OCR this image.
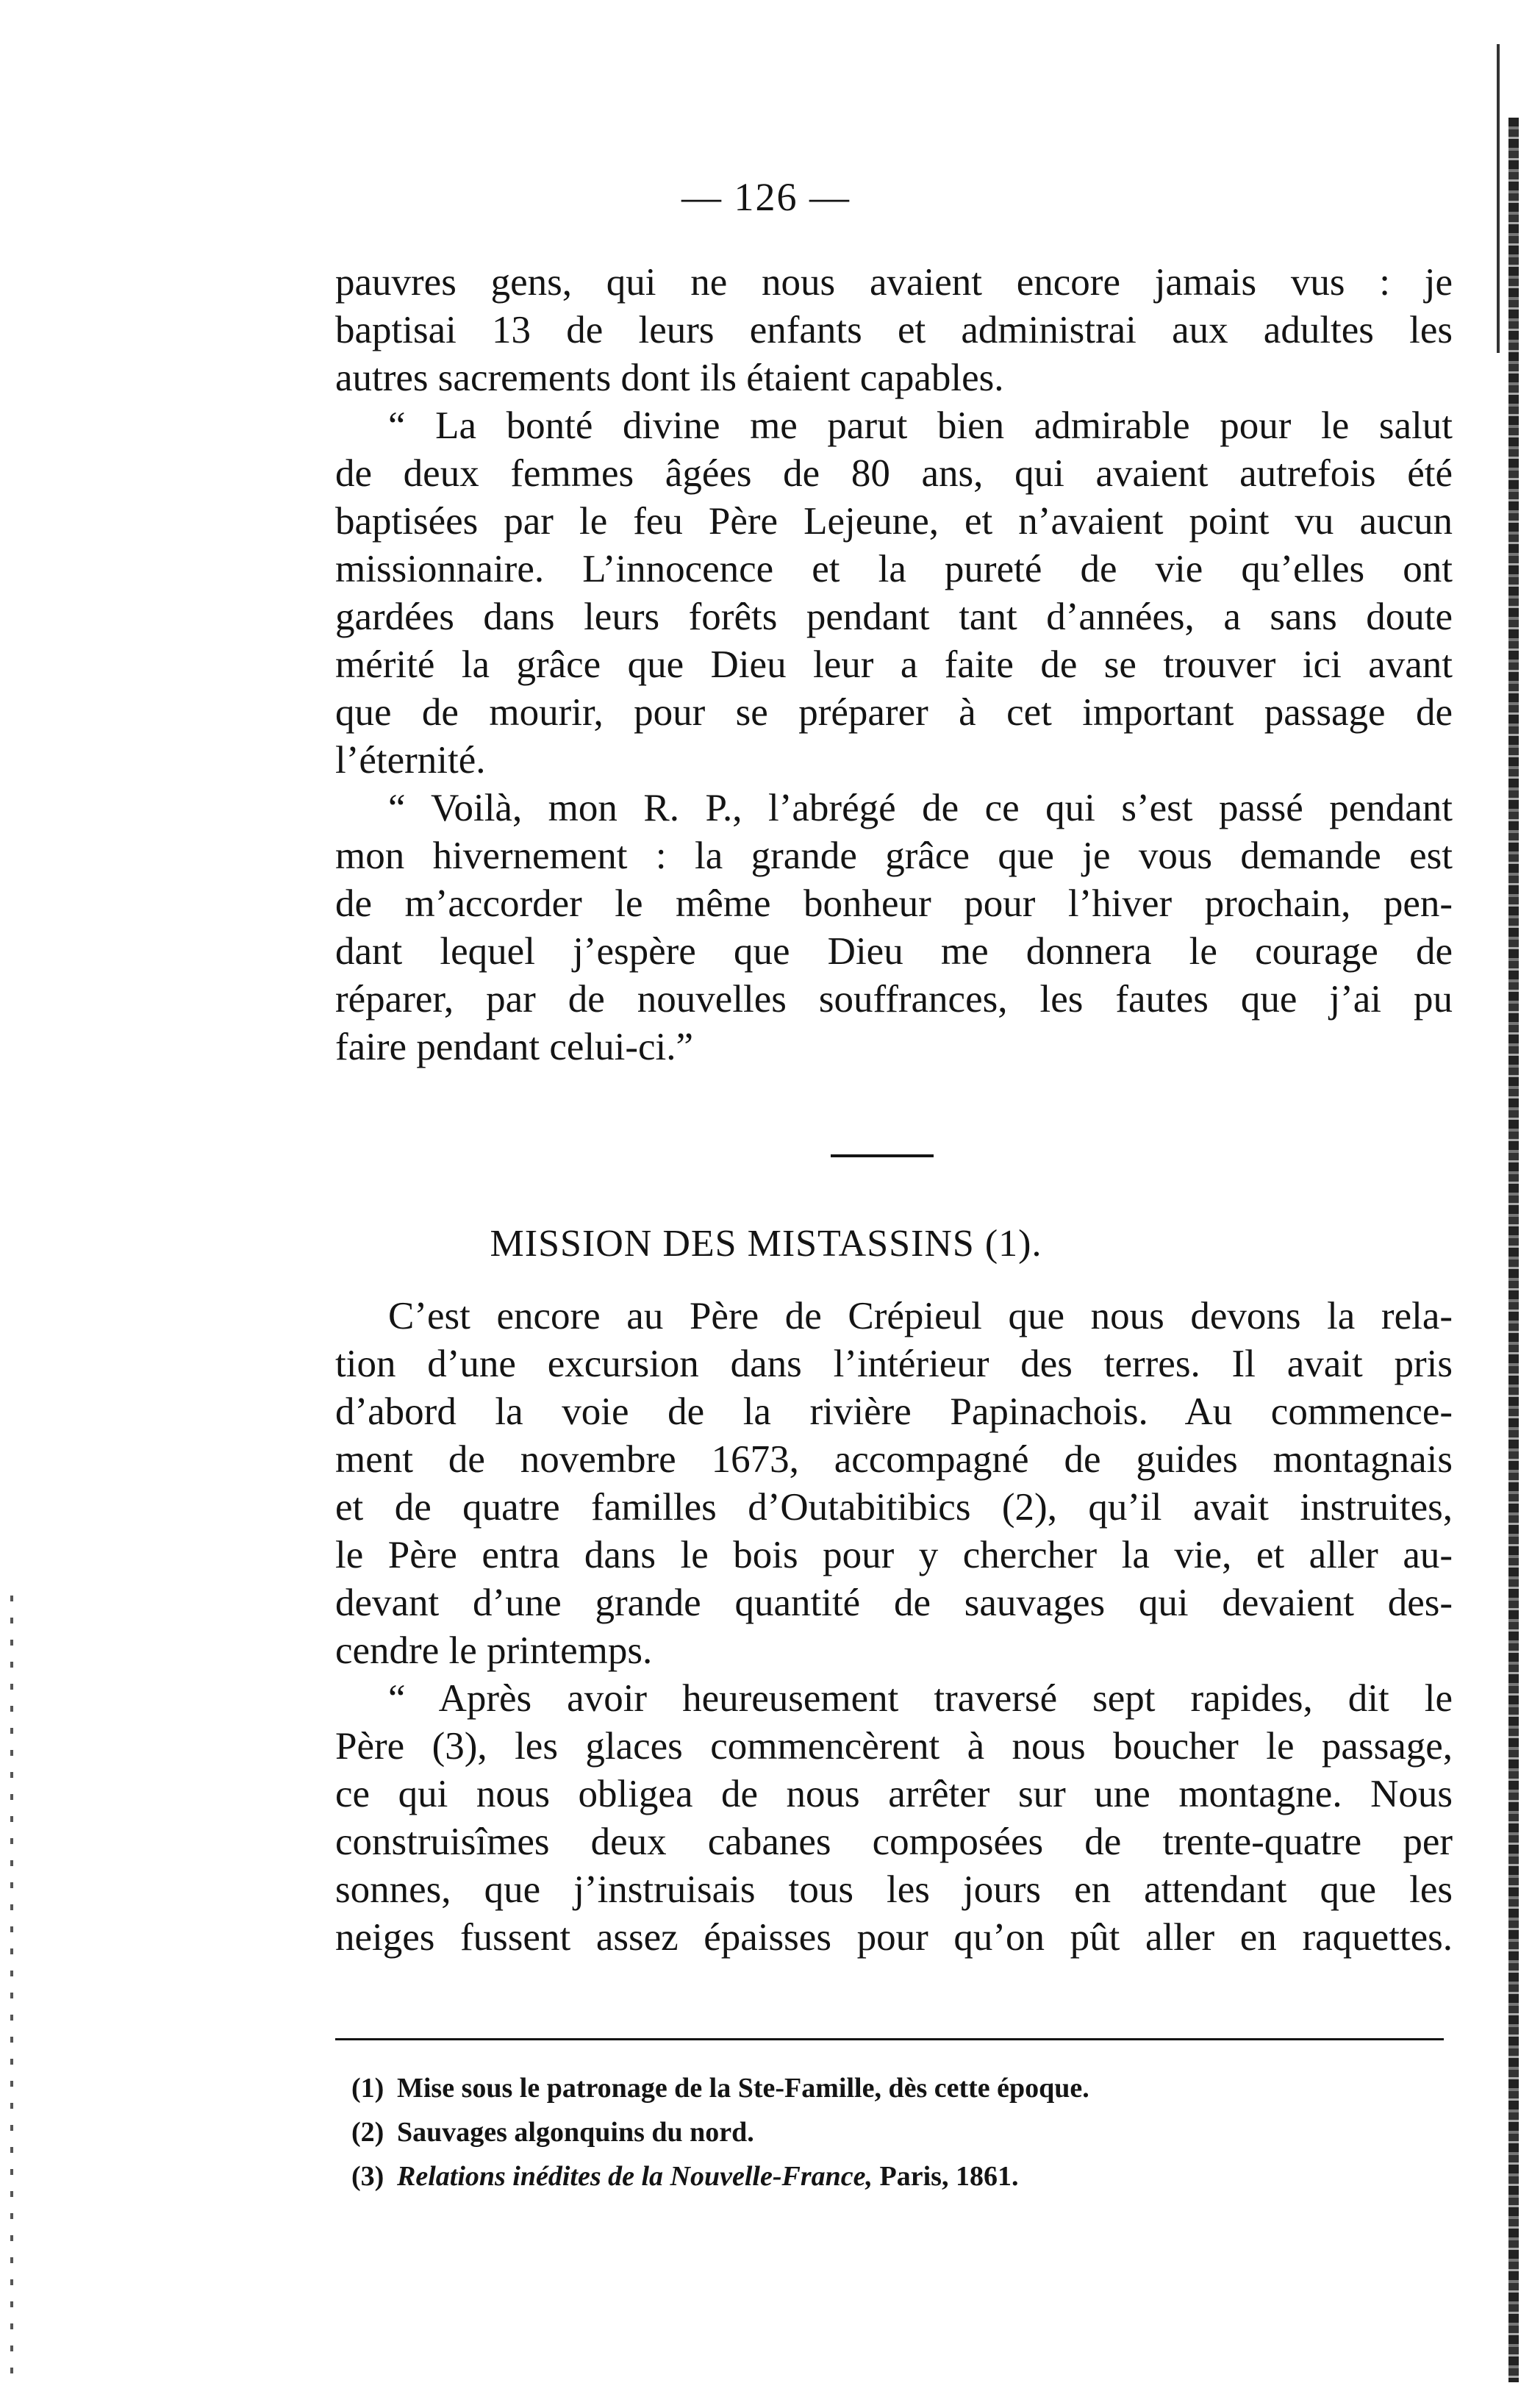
— 126 —
pauvres gens, qui ne nous avaient encore jamais vus : je
baptisai 13 de leurs enfants et administrai aux adultes les
autres sacrements dont ils étaient capables.
“ La bonté divine me parut bien admirable pour le salut
de deux femmes âgées de 80 ans, qui avaient autrefois été
baptisées par le feu Père Lejeune, et n’avaient point vu aucun
missionnaire. L’innocence et la pureté de vie qu’elles ont
gardées dans leurs forêts pendant tant d’années, a sans doute
mérité la grâce que Dieu leur a faite de se trouver ici avant
que de mourir, pour se préparer à cet important passage de
l’éternité.
“ Voilà, mon R. P., l’abrégé de ce qui s’est passé pendant
mon hivernement : la grande grâce que je vous demande est
de m’accorder le même bonheur pour l’hiver prochain, pen-
dant lequel j’espère que Dieu me donnera le courage de
réparer, par de nouvelles souffrances, les fautes que j’ai pu
faire pendant celui-ci.”
MISSION DES MISTASSINS (1).
C’est encore au Père de Crépieul que nous devons la rela-
tion d’une excursion dans l’intérieur des terres. Il avait pris
d’abord la voie de la rivière Papinachois. Au commence-
ment de novembre 1673, accompagné de guides montagnais
et de quatre familles d’Outabitibics (2), qu’il avait instruites,
le Père entra dans le bois pour y chercher la vie, et aller au-
devant d’une grande quantité de sauvages qui devaient des-
cendre le printemps.
“ Après avoir heureusement traversé sept rapides, dit le
Père (3), les glaces commencèrent à nous boucher le passage,
ce qui nous obligea de nous arrêter sur une montagne. Nous
construisîmes deux cabanes composées de trente-quatre per
sonnes, que j’instruisais tous les jours en attendant que les
neiges fussent assez épaisses pour qu’on pût aller en raquettes.
(1) Mise sous le patronage de la Ste-Famille, dès cette époque.
(2) Sauvages algonquins du nord.
(3) Relations inédites de la Nouvelle-France, Paris, 1861.
